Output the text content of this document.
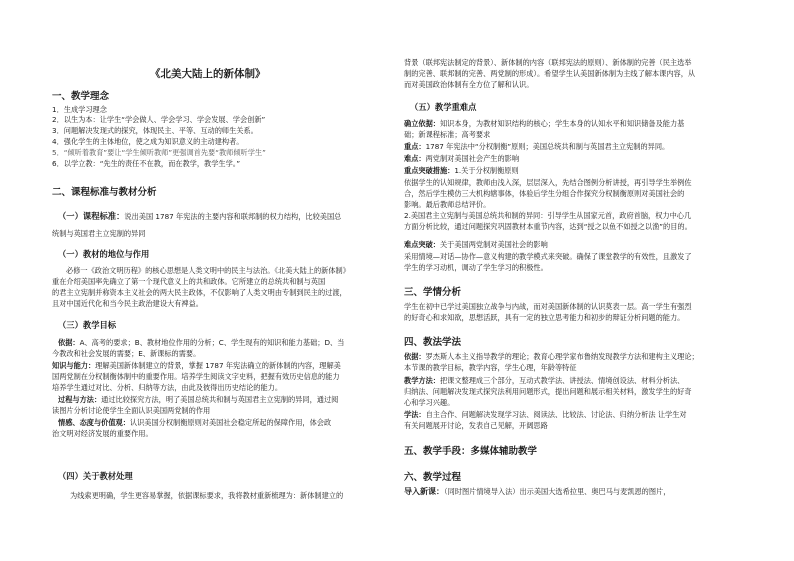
《北美大陆上的新体制》
一、教学理念
1．生成学习理念
2．以生为本：让学生“学会做人、学会学习、学会发展、学会创新”
3．问题解决发现式的探究，体现民主、平等、互动的师生关系。
4．强化学生的主体地位，使之成为知识意义的主动建构者。
5．“倾听着教育”要让“学生倾听教师”更强调首先要“教师倾听学生”
6．以学立教：“先生的责任不在教，而在教学，教学生学。”
二、课程标准与教材分析
（一）课程标准：说出美国 1787 年宪法的主要内容和联邦制的权力结构，比较美国总
统制与英国君主立宪制的异同
（一）教材的地位与作用
必修一《政治文明历程》的核心思想是人类文明中的民主与法治。《北美大陆上的新体制》
重在介绍美国率先确立了第一个现代意义上的共和政体。它所建立的总统共和制与英国
的君主立宪制并称资本主义社会的两大民主政体，不仅影响了人类文明由专制到民主的过渡，
且对中国近代化和当今民主政治建设大有裨益。
（三）教学目标
依据：A、高考的要求；B、教材地位作用的分析；C、学生现有的知识和能力基础；D、当
今教改和社会发展的需要；E、新课标的需要。
知识与能力：理解美国新体制建立的背景，掌握 1787 年宪法确立的新体制的内容，理解美
国两党制在分权制衡体制中的重要作用。培养学生阅读文字史料，把握有效历史信息的能力
培养学生通过对比、分析、归纳等方法，由此及彼得出历史结论的能力。
过程与方法：通过比较探究方法，明了美国总统共和制与英国君主立宪制的异同，通过阅
读图片分析讨论使学生全面认识美国两党制的作用
情感、态度与价值观：认识美国分权制衡原则对美国社会稳定所起的保障作用，体会政
治文明对经济发展的重要作用。
（四）关于教材处理
为线索更明确，学生更容易掌握，依据课标要求，我将教材重新梳理为：新体制建立的
背景（联邦宪法制定的背景）、新体制的内容（联邦宪法的原则）、新体制的完善（民主选举
制的完善、联邦制的完善、两党制的形成）。希望学生认美国新体制为主线了解本课内容，从
而对美国政治体制有全方位了解和认识。
（五）教学重难点
确立依据：知识本身，为教材知识结构的核心；学生本身的认知水平和知识储备及能力基
础；新课程标准；高考要求
重点：1787 年宪法中“分权制衡”原则；美国总统共和制与英国君主立宪制的异同。
难点：两党制对美国社会产生的影响
重点突破措施：1.关于分权制衡原则
依据学生的认知规律，教师由浅入深，层层深入，先结合图例分析讲授，再引导学生举例佐
合，然后学生模仿三大机构辖事体，体验后学生分组合作探究分权制衡原则对美国社会的
影响。最后教师总结评价。
2.美国君主立宪制与美国总统共和制的异同：引导学生从国家元首，政府首脑，权力中心几
方面分析比较，通过问题探究巩固教材本重节内容，达到“授之以鱼不如授之以渔”的目的。
难点突破：关于美国两党制对美国社会的影响
采用情境—对话—协作—意义构建的教学模式来突破。确保了课堂教学的有效性，且激发了
学生的学习动机，调动了学生学习的积极性。
三、学情分析
学生在初中已学过美国独立战争与内战，而对美国新体制的认识莫表一层。高一学生有强烈
的好奇心和求知欲，思想活跃，具有一定的独立思考能力和初步的辩证分析问题的能力。
四、教法学法
依据：罗杰斯人本主义指导教学的理论；教育心理学家布鲁纳发现教学方法和建构主义理论；
本节课的教学目标，教学内容，学生心理，年龄等特征
教学方法：把课文整理成三个部分，互动式教学法、讲授法、情境创设法、材料分析法、
归纳法、问题解决发现式探究法利用问题形式，提出问题和展示相关材料，激发学生的好奇
心和学习兴趣。
学法：自主合作、问题解决发现学习法、阅读法、比较法、讨论法、归纳分析法 让学生对
有关问题展开讨论，发表自己见解，开阔思路
五、教学手段：多媒体辅助教学
六、教学过程
导入新课：（同时图片情境导入法）出示美国大选希拉里、奥巴马与麦凯恩的图片，
